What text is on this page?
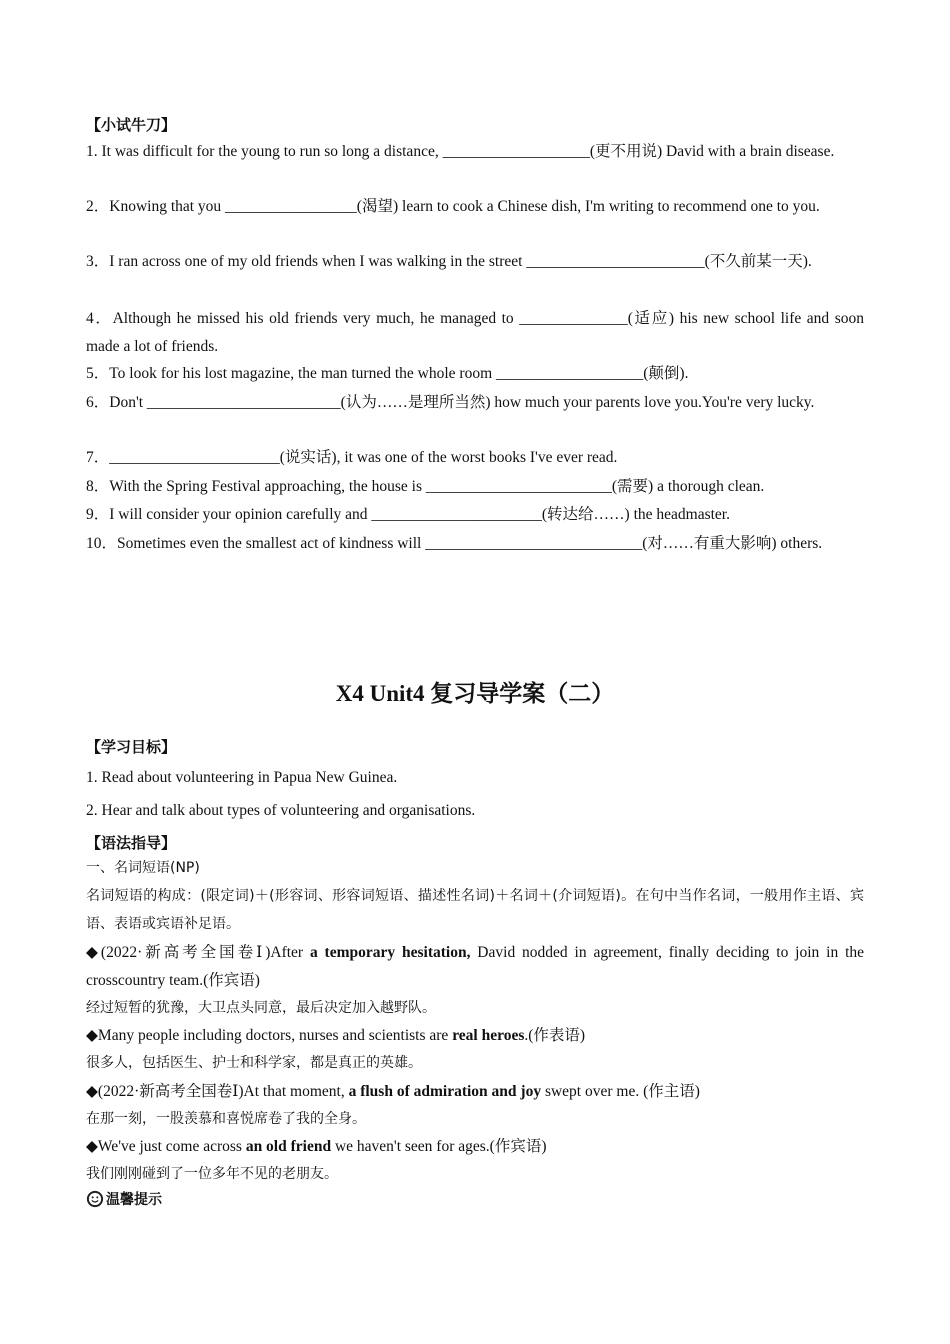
【小试牛刀】
1. It was difficult for the young to run so long a distance, ___________________(更不用说) David with a brain disease.
2．Knowing that you _________________(渴望) learn to cook a Chinese dish, I'm writing to recommend one to you.
3．I ran across one of my old friends when I was walking in the street _______________________(不久前某一天).
4．Although he missed his old friends very much, he managed to ______________(适应) his new school life and soon made a lot of friends.
5．To look for his lost magazine, the man turned the whole room ___________________(颠倒).
6．Don't _________________________(认为……是理所当然) how much your parents love you.You're very lucky.
7．______________________(说实话), it was one of the worst books I've ever read.
8．With the Spring Festival approaching, the house is ________________________(需要) a thorough clean.
9．I will consider your opinion carefully and ______________________(转达给……) the headmaster.
10．Sometimes even the smallest act of kindness will ____________________________(对……有重大影响) others.
X4 Unit4 复习导学案（二）
【学习目标】
1. Read about volunteering in Papua New Guinea.
2. Hear and talk about types of volunteering and organisations.
【语法指导】
一、名词短语(NP)
名词短语的构成：(限定词)＋(形容词、形容词短语、描述性名词)＋名词＋(介词短语)。在句中当作名词，一般用作主语、宾语、表语或宾语补足语。
◆(2022·新高考全国卷Ⅰ)After a temporary hesitation, David nodded in agreement, finally deciding to join in the crosscountry team.(作宾语)
经过短暂的犹豫，大卫点头同意，最后决定加入越野队。
◆Many people including doctors, nurses and scientists are real heroes.(作表语)
很多人，包括医生、护士和科学家，都是真正的英雄。
◆(2022·新高考全国卷Ⅰ)At that moment, a flush of admiration and joy swept over me. (作主语)
在那一刻，一股羡慕和喜悦席卷了我的全身。
◆We've just come across an old friend we haven't seen for ages.(作宾语)
我们刚刚碰到了一位多年不见的老朋友。
温馨提示
